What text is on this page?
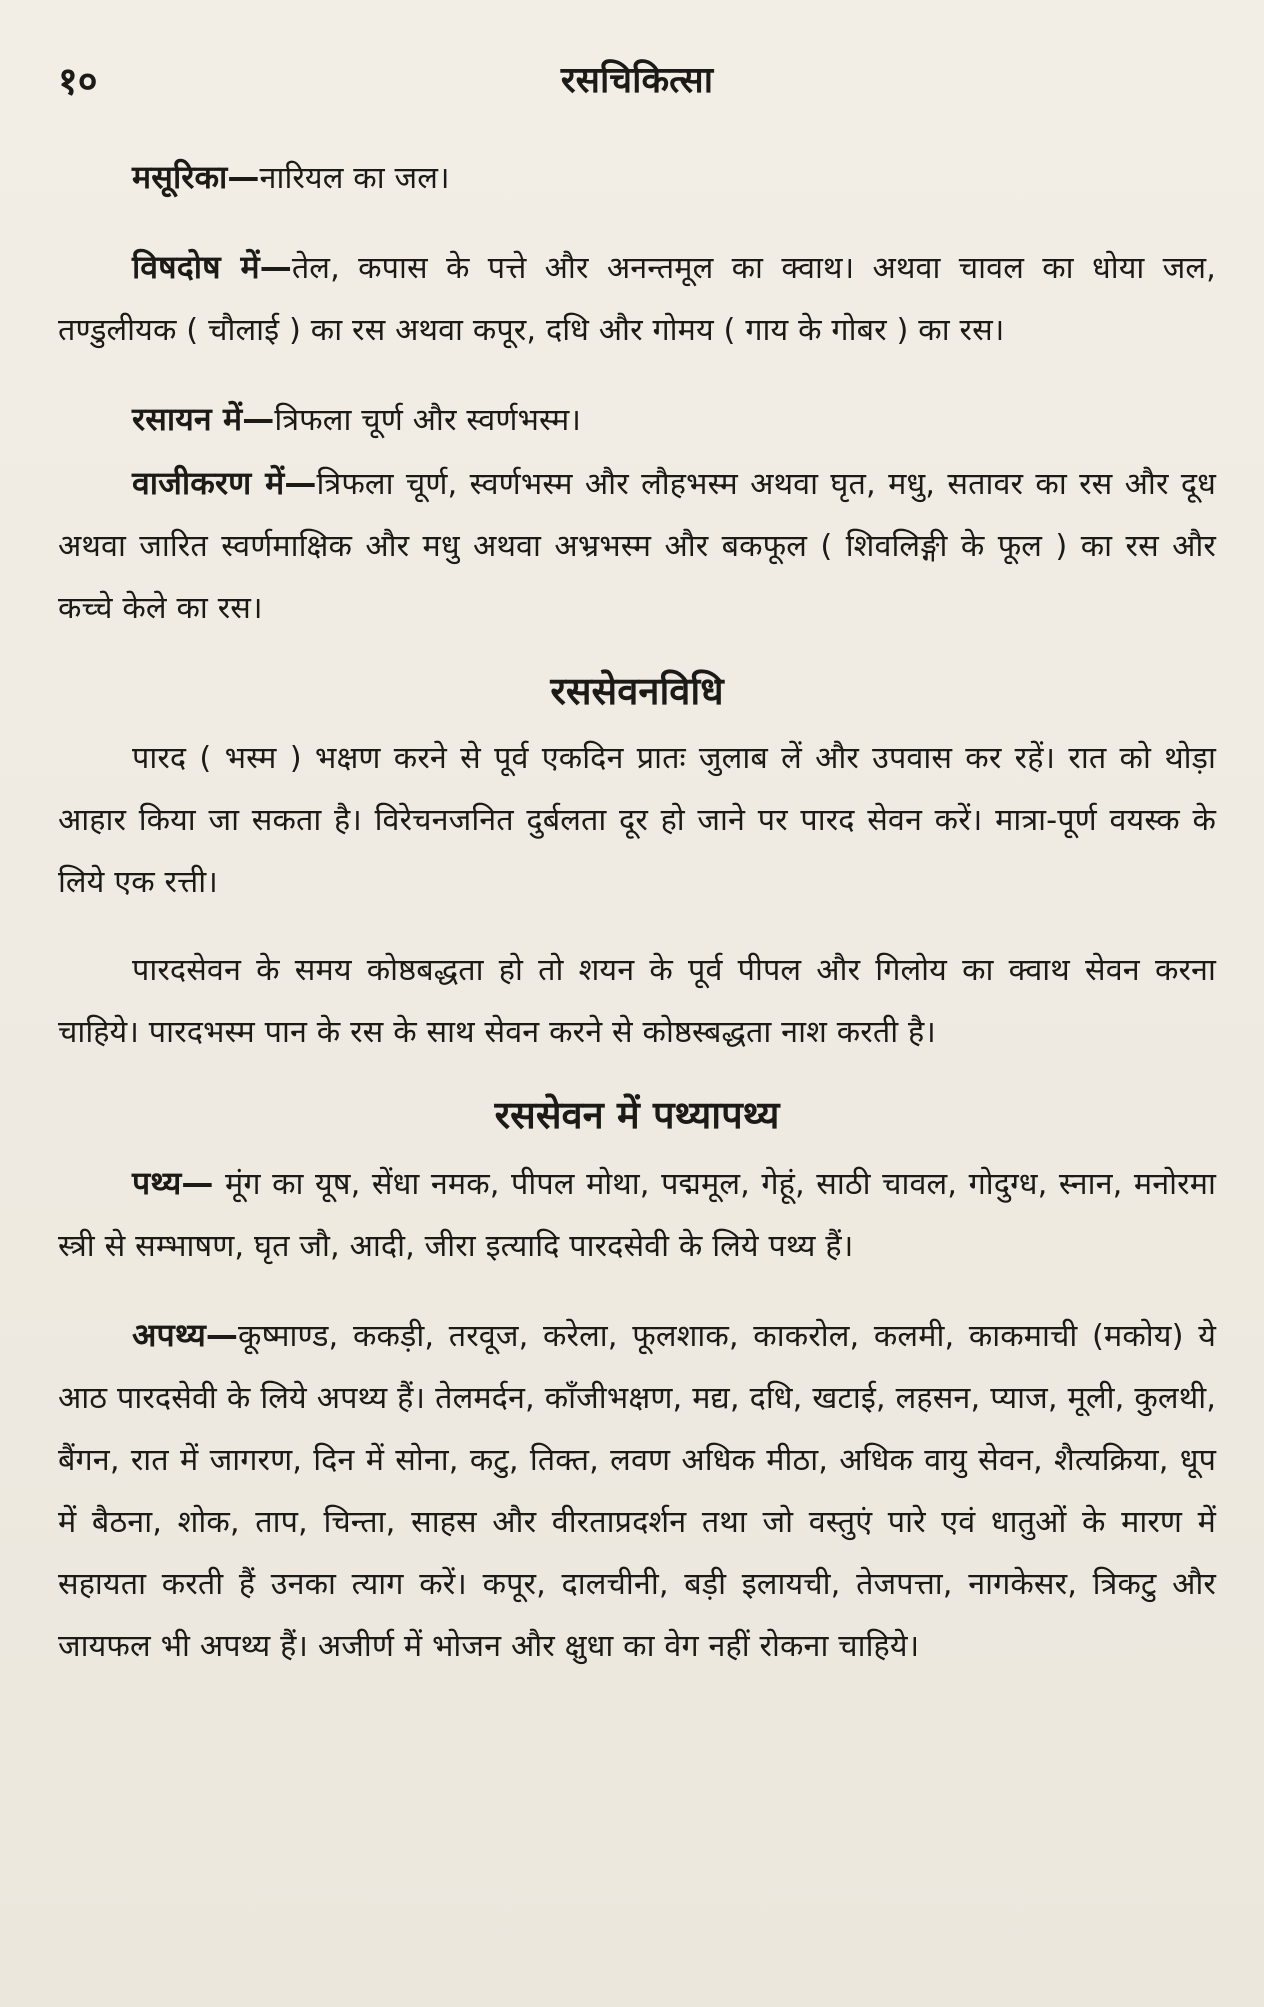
१०	रसचिकित्सा

मसूरिका—नारियल का जल।

विषदोष में—तेल, कपास के पत्ते और अनन्तमूल का क्वाथ। अथवा चावल का धोया जल, तण्डुलीयक ( चौलाई ) का रस अथवा कपूर, दधि और गोमय ( गाय के गोबर ) का रस।

रसायन में—त्रिफला चूर्ण और स्वर्णभस्म।

वाजीकरण में—त्रिफला चूर्ण, स्वर्णभस्म और लौहभस्म अथवा घृत, मधु, सतावर का रस और दूध अथवा जारित स्वर्णमाक्षिक और मधु अथवा अभ्रभस्म और बकफूल ( शिवलिङ्गी के फूल ) का रस और कच्चे केले का रस।

रससेवनविधि

पारद ( भस्म ) भक्षण करने से पूर्व एकदिन प्रातः जुलाब लें और उपवास कर रहें। रात को थोड़ा आहार किया जा सकता है। विरेचनजनित दुर्बलता दूर हो जाने पर पारद सेवन करें। मात्रा-पूर्ण वयस्क के लिये एक रत्ती।

पारदसेवन के समय कोष्ठबद्धता हो तो शयन के पूर्व पीपल और गिलोय का क्वाथ सेवन करना चाहिये। पारदभस्म पान के रस के साथ सेवन करने से कोष्ठस्बद्धता नाश करती है।

रससेवन में पथ्यापथ्य

पथ्य— मूंग का यूष, सेंधा नमक, पीपल मोथा, पद्ममूल, गेहूं, साठी चावल, गोदुग्ध, स्नान, मनोरमा स्त्री से सम्भाषण, घृत जौ, आदी, जीरा इत्यादि पारदसेवी के लिये पथ्य हैं।

अपथ्य—कूष्माण्ड, ककड़ी, तरवूज, करेला, फूलशाक, काकरोल, कलमी, काकमाची (मकोय) ये आठ पारदसेवी के लिये अपथ्य हैं। तेलमर्दन, काँजीभक्षण, मद्य, दधि, खटाई, लहसन, प्याज, मूली, कुलथी, बैंगन, रात में जागरण, दिन में सोना, कटु, तिक्त, लवण अधिक मीठा, अधिक वायु सेवन, शैत्यक्रिया, धूप में बैठना, शोक, ताप, चिन्ता, साहस और वीरताप्रदर्शन तथा जो वस्तुएं पारे एवं धातुओं के मारण में सहायता करती हैं उनका त्याग करें। कपूर, दालचीनी, बड़ी इलायची, तेजपत्ता, नागकेसर, त्रिकटु और जायफल भी अपथ्य हैं। अजीर्ण में भोजन और क्षुधा का वेग नहीं रोकना चाहिये।
